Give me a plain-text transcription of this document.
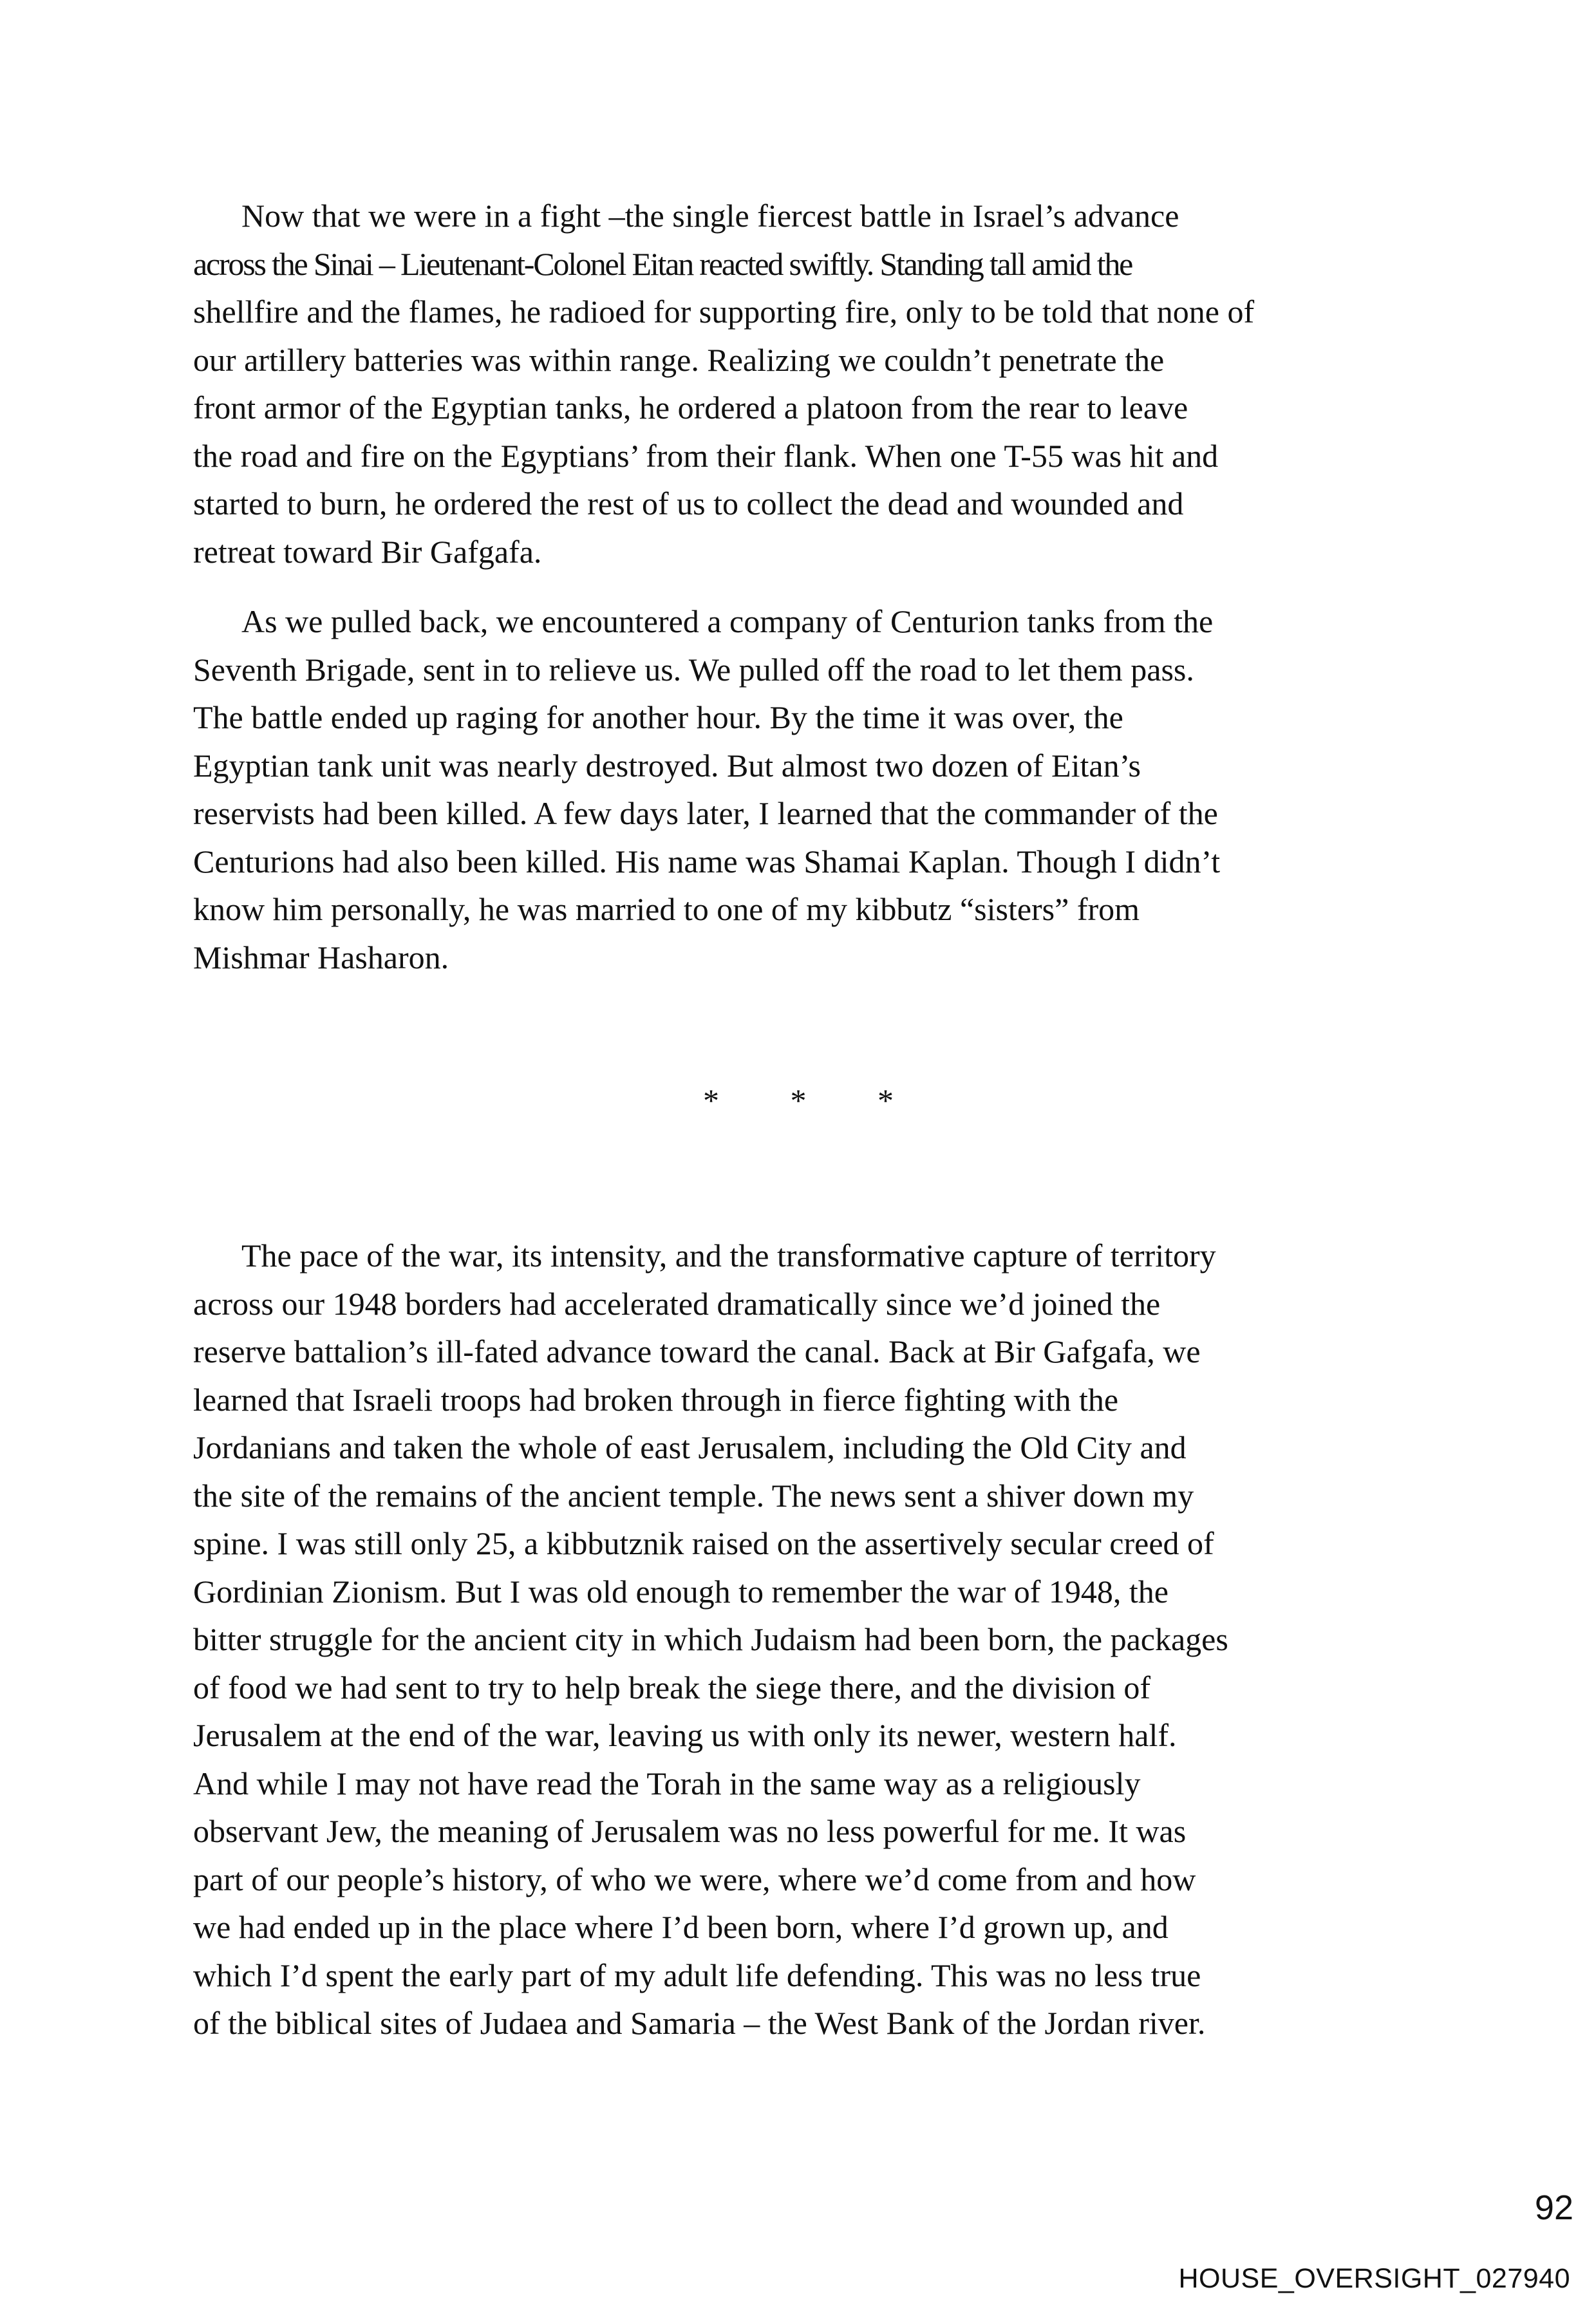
Now that we were in a fight –the single fiercest battle in Israel’s advance
across the Sinai – Lieutenant-Colonel Eitan reacted swiftly. Standing tall amid the
shellfire and the flames, he radioed for supporting fire, only to be told that none of
our artillery batteries was within range. Realizing we couldn’t penetrate the
front armor of the Egyptian tanks, he ordered a platoon from the rear to leave
the road and fire on the Egyptians’ from their flank. When one T-55 was hit and
started to burn, he ordered the rest of us to collect the dead and wounded and
retreat toward Bir Gafgafa.
As we pulled back, we encountered a company of Centurion tanks from the
Seventh Brigade, sent in to relieve us. We pulled off the road to let them pass.
The battle ended up raging for another hour. By the time it was over, the
Egyptian tank unit was nearly destroyed. But almost two dozen of Eitan’s
reservists had been killed. A few days later, I learned that the commander of the
Centurions had also been killed. His name was Shamai Kaplan. Though I didn’t
know him personally, he was married to one of my kibbutz “sisters” from
Mishmar Hasharon.
* * *
The pace of the war, its intensity, and the transformative capture of territory
across our 1948 borders had accelerated dramatically since we’d joined the
reserve battalion’s ill-fated advance toward the canal. Back at Bir Gafgafa, we
learned that Israeli troops had broken through in fierce fighting with the
Jordanians and taken the whole of east Jerusalem, including the Old City and
the site of the remains of the ancient temple. The news sent a shiver down my
spine. I was still only 25, a kibbutznik raised on the assertively secular creed of
Gordinian Zionism. But I was old enough to remember the war of 1948, the
bitter struggle for the ancient city in which Judaism had been born, the packages
of food we had sent to try to help break the siege there, and the division of
Jerusalem at the end of the war, leaving us with only its newer, western half.
And while I may not have read the Torah in the same way as a religiously
observant Jew, the meaning of Jerusalem was no less powerful for me. It was
part of our people’s history, of who we were, where we’d come from and how
we had ended up in the place where I’d been born, where I’d grown up, and
which I’d spent the early part of my adult life defending. This was no less true
of the biblical sites of Judaea and Samaria – the West Bank of the Jordan river.
92
HOUSE_OVERSIGHT_027940
